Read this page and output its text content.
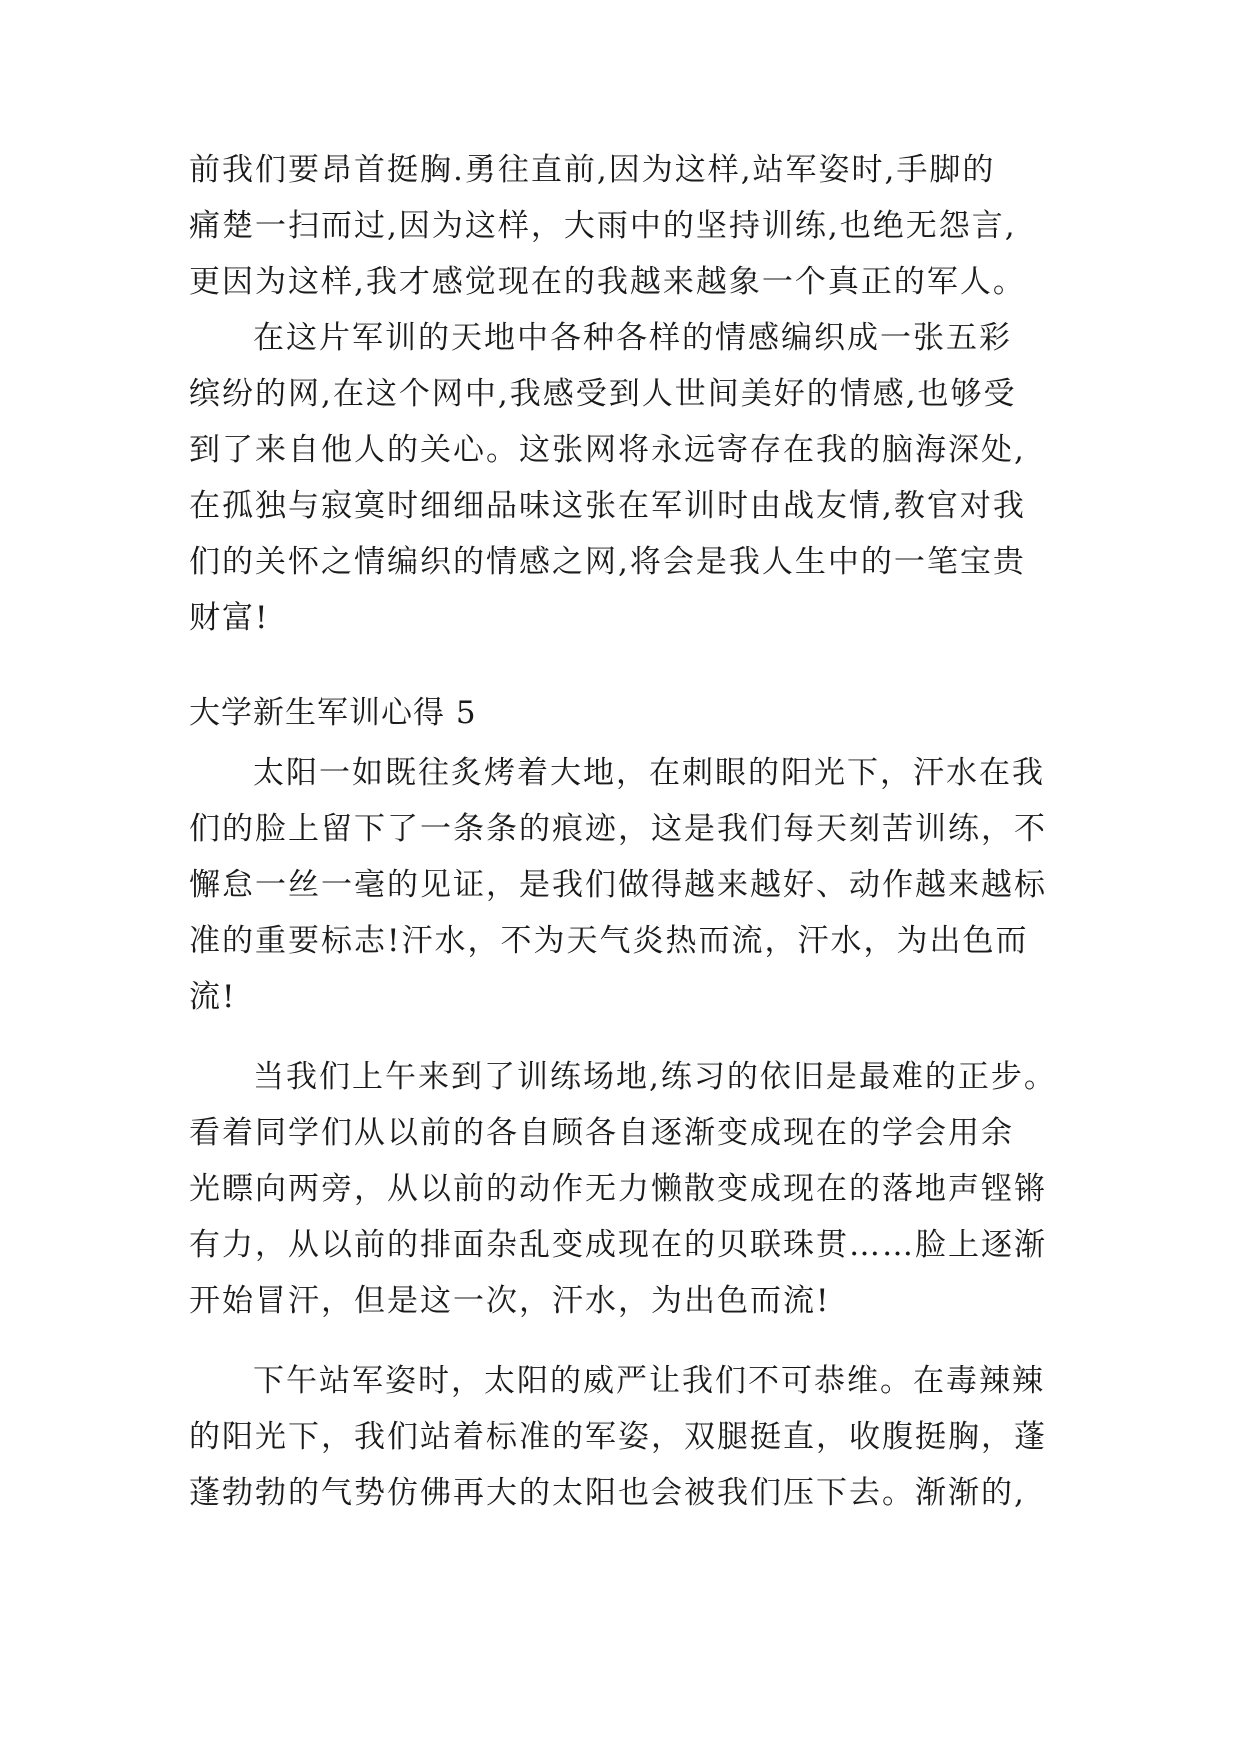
前我们要昂首挺胸.勇往直前,因为这样,站军姿时,手脚的
痛楚一扫而过,因为这样，大雨中的坚持训练,也绝无怨言,
更因为这样,我才感觉现在的我越来越象一个真正的军人。
在这片军训的天地中各种各样的情感编织成一张五彩
缤纷的网,在这个网中,我感受到人世间美好的情感,也够受
到了来自他人的关心。这张网将永远寄存在我的脑海深处,
在孤独与寂寞时细细品味这张在军训时由战友情,教官对我
们的关怀之情编织的情感之网,将会是我人生中的一笔宝贵
财富!
大学新生军训心得 5
太阳一如既往炙烤着大地，在刺眼的阳光下，汗水在我
们的脸上留下了一条条的痕迹，这是我们每天刻苦训练，不
懈怠一丝一毫的见证，是我们做得越来越好、动作越来越标
准的重要标志!汗水，不为天气炎热而流，汗水，为出色而
流!
当我们上午来到了训练场地,练习的依旧是最难的正步。
看着同学们从以前的各自顾各自逐渐变成现在的学会用余
光瞟向两旁，从以前的动作无力懒散变成现在的落地声铿锵
有力，从以前的排面杂乱变成现在的贝联珠贯……脸上逐渐
开始冒汗，但是这一次，汗水，为出色而流!
下午站军姿时，太阳的威严让我们不可恭维。在毒辣辣
的阳光下，我们站着标准的军姿，双腿挺直，收腹挺胸，蓬
蓬勃勃的气势仿佛再大的太阳也会被我们压下去。渐渐的,
